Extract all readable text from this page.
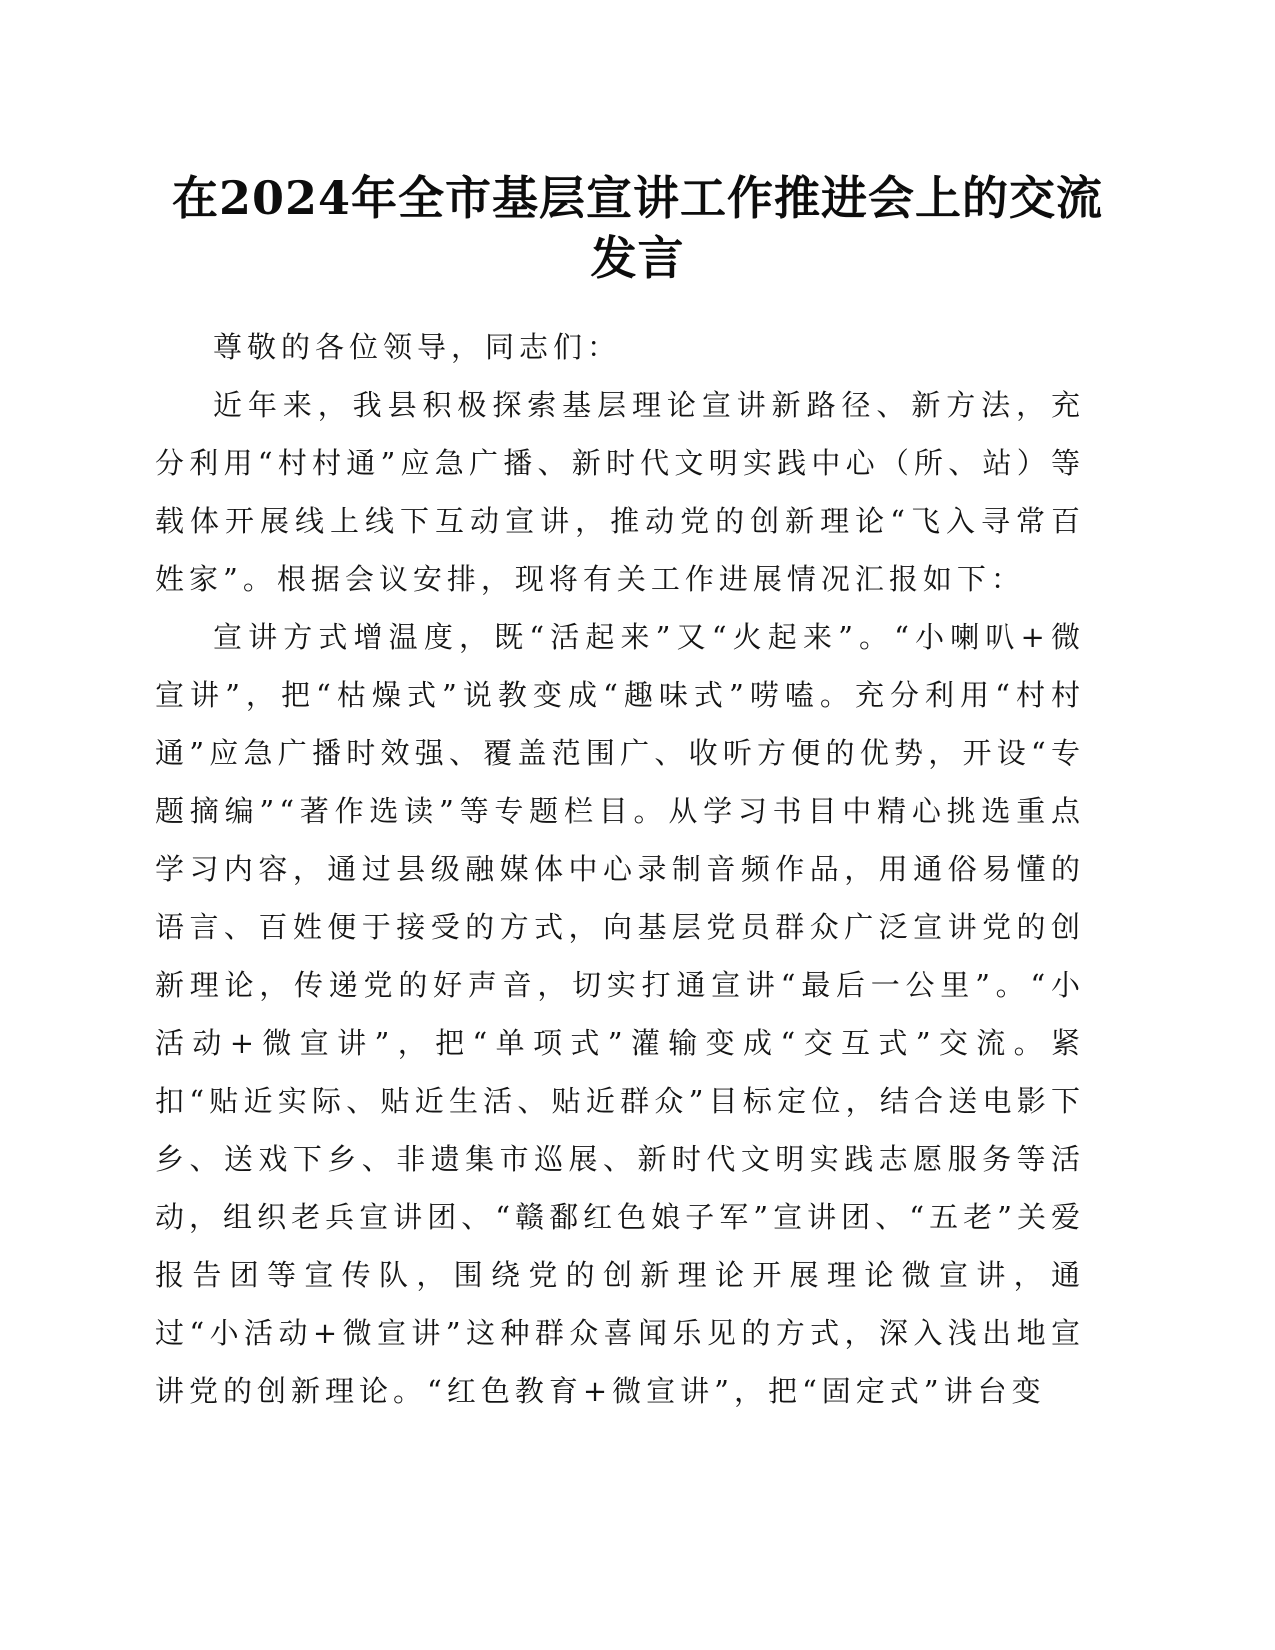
在2024年全市基层宣讲工作推进会上的交流发言

尊敬的各位领导，同志们：

近年来，我县积极探索基层理论宣讲新路径、新方法，充分利用“村村通”应急广播、新时代文明实践中心（所、站）等载体开展线上线下互动宣讲，推动党的创新理论“飞入寻常百姓家”。根据会议安排，现将有关工作进展情况汇报如下：

宣讲方式增温度，既“活起来”又“火起来”。“小喇叭+微宣讲”，把“枯燥式”说教变成“趣味式”唠嗑。充分利用“村村通”应急广播时效强、覆盖范围广、收听方便的优势，开设“专题摘编”“著作选读”等专题栏目。从学习书目中精心挑选重点学习内容，通过县级融媒体中心录制音频作品，用通俗易懂的语言、百姓便于接受的方式，向基层党员群众广泛宣讲党的创新理论，传递党的好声音，切实打通宣讲“最后一公里”。“小活动+微宣讲”，把“单项式”灌输变成“交互式”交流。紧扣“贴近实际、贴近生活、贴近群众”目标定位，结合送电影下乡、送戏下乡、非遗集市巡展、新时代文明实践志愿服务等活动，组织老兵宣讲团、“赣鄱红色娘子军”宣讲团、“五老”关爱报告团等宣传队，围绕党的创新理论开展理论微宣讲，通过“小活动+微宣讲”这种群众喜闻乐见的方式，深入浅出地宣讲党的创新理论。“红色教育+微宣讲”，把“固定式”讲台变
